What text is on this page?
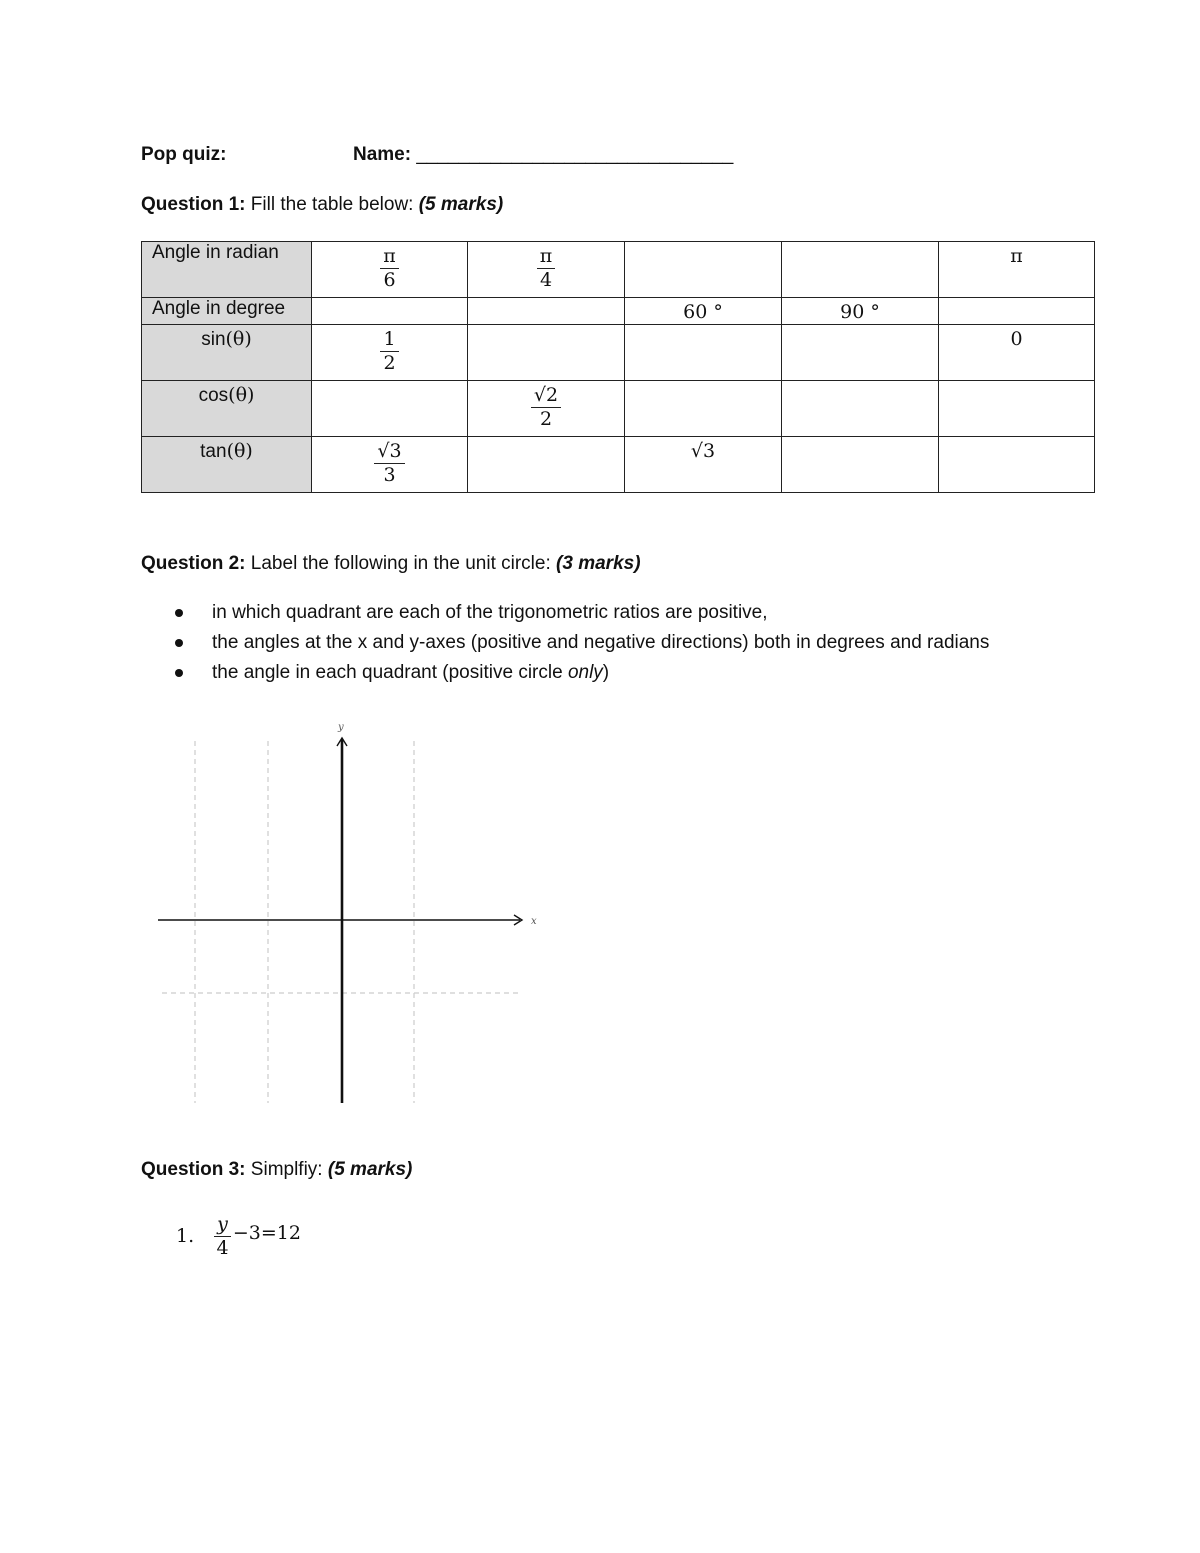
Pop quiz:	Name: ______________________________
Question 1: Fill the table below: (5 marks)
Angle in radian	$\frac{\pi}{6}$	$\frac{\pi}{4}$			π
Angle in degree			60 °	90 °	
sin(θ)	$\frac{1}{2}$				0
cos(θ)		$\frac{√2}{2}$

tan(θ)	$\frac{√3}{3}$		√3		
Question 2: Label the following in the unit circle: (3 marks)
in which quadrant are each of the trigonometric ratios are positive,
the angles at the x and y-axes (positive and negative directions) both in degrees and radians
the angle in each quadrant (positive circle only)
x
y
Question 3: Simplfiy: (5 marks)
1. $\frac{y}{4} -3=12$
